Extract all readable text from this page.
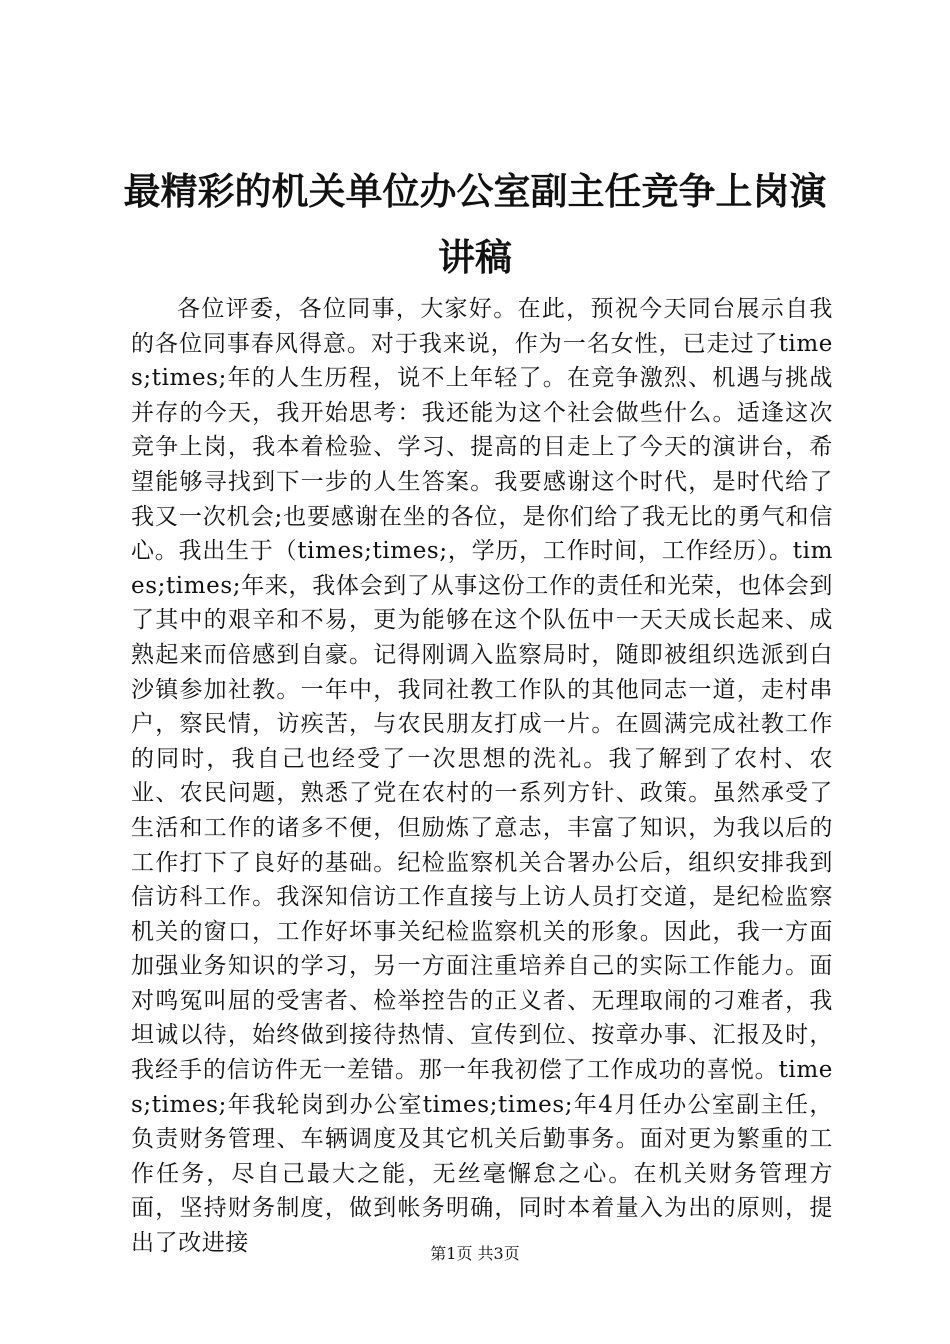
最精彩的机关单位办公室副主任竞争上岗演讲稿

各位评委，各位同事，大家好。在此，预祝今天同台展示自我的各位同事春风得意。对于我来说，作为一名女性，已走过了times;times;年的人生历程，说不上年轻了。在竞争激烈、机遇与挑战并存的今天，我开始思考：我还能为这个社会做些什么。适逢这次竞争上岗，我本着检验、学习、提高的目走上了今天的演讲台，希望能够寻找到下一步的人生答案。我要感谢这个时代，是时代给了我又一次机会;也要感谢在坐的各位，是你们给了我无比的勇气和信心。我出生于（times;times;，学历，工作时间，工作经历）。times;times;年来，我体会到了从事这份工作的责任和光荣，也体会到了其中的艰辛和不易，更为能够在这个队伍中一天天成长起来、成熟起来而倍感到自豪。记得刚调入监察局时，随即被组织选派到白沙镇参加社教。一年中，我同社教工作队的其他同志一道，走村串户，察民情，访疾苦，与农民朋友打成一片。在圆满完成社教工作的同时，我自己也经受了一次思想的洗礼。我了解到了农村、农业、农民问题，熟悉了党在农村的一系列方针、政策。虽然承受了生活和工作的诸多不便，但励炼了意志，丰富了知识，为我以后的工作打下了良好的基础。纪检监察机关合署办公后，组织安排我到信访科工作。我深知信访工作直接与上访人员打交道，是纪检监察机关的窗口，工作好坏事关纪检监察机关的形象。因此，我一方面加强业务知识的学习，另一方面注重培养自己的实际工作能力。面对鸣冤叫屈的受害者、检举控告的正义者、无理取闹的刁难者，我坦诚以待，始终做到接待热情、宣传到位、按章办事、汇报及时，我经手的信访件无一差错。那一年我初偿了工作成功的喜悦。times;times;年我轮岗到办公室times;times;年4月任办公室副主任，负责财务管理、车辆调度及其它机关后勤事务。面对更为繁重的工作任务，尽自己最大之能，无丝毫懈怠之心。在机关财务管理方面，坚持财务制度，做到帐务明确，同时本着量入为出的原则，提出了改进接	第1页 共3页
